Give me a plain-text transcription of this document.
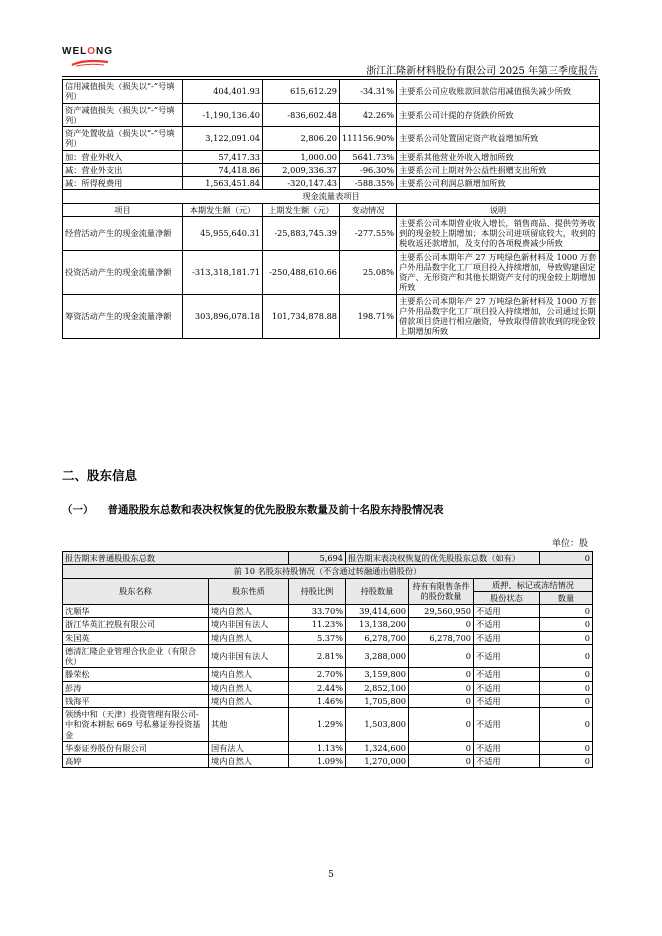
WELONG
浙江汇隆新材料股份有限公司 2025 年第三季度报告
信用减值损失（损失以“-”号填列）	404,401.93	615,612.29	-34.31%	主要系公司应收账款回款信用减值损失减少所致
资产减值损失（损失以“-”号填列）	-1,190,136.40	-836,602.48	42.26%	主要系公司计提的存货跌价所致
资产处置收益（损失以“-”号填列）	3,122,091.04	2,806.20	111156.90%	主要系公司处置固定资产收益增加所致
加：营业外收入	57,417.33	1,000.00	5641.73%	主要系其他营业外收入增加所致
减：营业外支出	74,418.86	2,009,336.37	-96.30%	主要系公司上期对外公益性捐赠支出所致
减：所得税费用	1,563,451.84	-320,147.43	-588.35%	主要系公司利润总额增加所致
现金流量表项目				
项目	本期发生额（元）	上期发生额（元）	变动情况	说明
经营活动产生的现金流量净额	45,955,640.31	-25,883,745.39	-277.55%	主要系公司本期营业收入增长，销售商品、提供劳务收到的现金较上期增加；本期公司进项留底较大，收到的税收返还款增加，及支付的各项税费减少所致
投资活动产生的现金流量净额	-313,318,181.71	-250,488,610.66	25.08%	主要系公司本期年产 27 万吨绿色新材料及 1000 万套户外用品数字化工厂项目投入持续增加，导致购建固定资产、无形资产和其他长期资产支付的现金较上期增加所致
筹资活动产生的现金流量净额	303,896,078.18	101,734,878.88	198.71%	主要系公司本期年产 27 万吨绿色新材料及 1000 万套户外用品数字化工厂项目投入持续增加，公司通过长期借款项目贷进行相应融资，导致取得借款收到的现金较上期增加所致
二、股东信息
（一） 普通股股东总数和表决权恢复的优先股股东数量及前十名股东持股情况表
单位：股
报告期末普通股股东总数		5,694	报告期末表决权恢复的优先股股东总数（如有）			0
前 10 名股东持股情况（不含通过转融通出借股份）						
股东名称	股东性质	持股比例	持股数量	持有有限售条件的股份数量	质押、标记或冻结情况	
					股份状态	数量
沈顺华	境内自然人	33.70%	39,414,600	29,560,950	不适用	0
浙江华英汇控股有限公司	境内非国有法人	11.23%	13,138,200	0	不适用	0
朱国英	境内自然人	5.37%	6,278,700	6,278,700	不适用	0
德清汇隆企业管理合伙企业（有限合伙）	境内非国有法人	2.81%	3,288,000	0	不适用	0
滕荣松	境内自然人	2.70%	3,159,800	0	不适用	0
彭涛	境内自然人	2.44%	2,852,100	0	不适用	0
钱海平	境内自然人	1.46%	1,705,800	0	不适用	0
领绣中和（天津）投资管理有限公司-中和资本耕耘 669 号私募证券投资基金	其他	1.29%	1,503,800	0	不适用	0
华泰证券股份有限公司	国有法人	1.13%	1,324,600	0	不适用	0
高婷	境内自然人	1.09%	1,270,000	0	不适用	0
5
